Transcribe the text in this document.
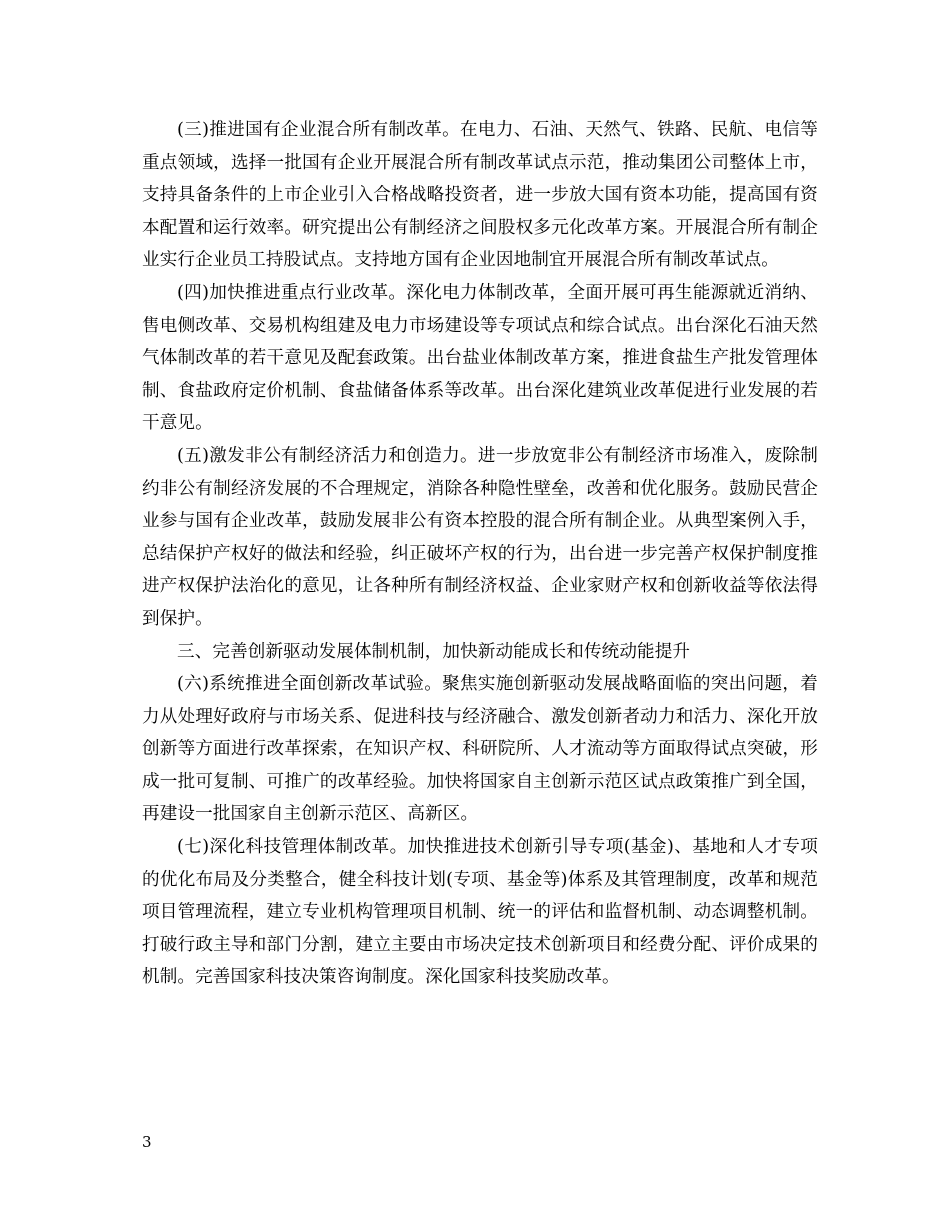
(三)推进国有企业混合所有制改革。在电力、石油、天然气、铁路、民航、电信等重点领域，选择一批国有企业开展混合所有制改革试点示范，推动集团公司整体上市，支持具备条件的上市企业引入合格战略投资者，进一步放大国有资本功能，提高国有资本配置和运行效率。研究提出公有制经济之间股权多元化改革方案。开展混合所有制企业实行企业员工持股试点。支持地方国有企业因地制宜开展混合所有制改革试点。

(四)加快推进重点行业改革。深化电力体制改革，全面开展可再生能源就近消纳、售电侧改革、交易机构组建及电力市场建设等专项试点和综合试点。出台深化石油天然气体制改革的若干意见及配套政策。出台盐业体制改革方案，推进食盐生产批发管理体制、食盐政府定价机制、食盐储备体系等改革。出台深化建筑业改革促进行业发展的若干意见。

(五)激发非公有制经济活力和创造力。进一步放宽非公有制经济市场准入，废除制约非公有制经济发展的不合理规定，消除各种隐性壁垒，改善和优化服务。鼓励民营企业参与国有企业改革，鼓励发展非公有资本控股的混合所有制企业。从典型案例入手，总结保护产权好的做法和经验，纠正破坏产权的行为，出台进一步完善产权保护制度推进产权保护法治化的意见，让各种所有制经济权益、企业家财产权和创新收益等依法得到保护。

三、完善创新驱动发展体制机制，加快新动能成长和传统动能提升

(六)系统推进全面创新改革试验。聚焦实施创新驱动发展战略面临的突出问题，着力从处理好政府与市场关系、促进科技与经济融合、激发创新者动力和活力、深化开放创新等方面进行改革探索，在知识产权、科研院所、人才流动等方面取得试点突破，形成一批可复制、可推广的改革经验。加快将国家自主创新示范区试点政策推广到全国，再建设一批国家自主创新示范区、高新区。

(七)深化科技管理体制改革。加快推进技术创新引导专项(基金)、基地和人才专项的优化布局及分类整合，健全科技计划(专项、基金等)体系及其管理制度，改革和规范项目管理流程，建立专业机构管理项目机制、统一的评估和监督机制、动态调整机制。打破行政主导和部门分割，建立主要由市场决定技术创新项目和经费分配、评价成果的机制。完善国家科技决策咨询制度。深化国家科技奖励改革。

3
